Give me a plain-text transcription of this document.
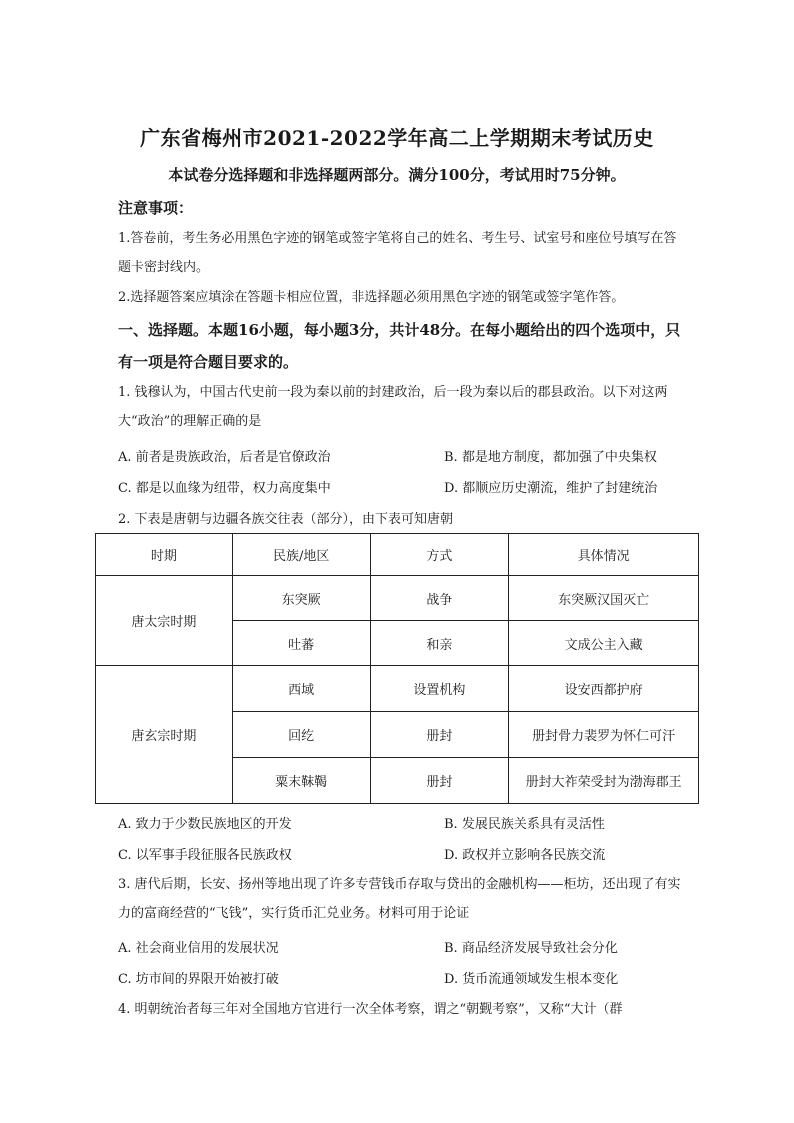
广东省梅州市2021-2022学年高二上学期期末考试历史
本试卷分选择题和非选择题两部分。满分100分，考试用时75分钟。
注意事项：
1.答卷前，考生务必用黑色字迹的钢笔或签字笔将自己的姓名、考生号、试室号和座位号填写在答题卡密封线内。
2.选择题答案应填涂在答题卡相应位置，非选择题必须用黑色字迹的钢笔或签字笔作答。
一、选择题。本题16小题，每小题3分，共计48分。在每小题给出的四个选项中，只有一项是符合题目要求的。
1. 钱穆认为，中国古代史前一段为秦以前的封建政治，后一段为秦以后的郡县政治。以下对这两大“政治”的理解正确的是
A. 前者是贵族政治，后者是官僚政治	B. 都是地方制度，都加强了中央集权
C. 都是以血缘为纽带，权力高度集中	D. 都顺应历史潮流，维护了封建统治
2. 下表是唐朝与边疆各族交往表（部分），由下表可知唐朝
时期	民族/地区	方式	具体情况
唐太宗时期	东突厥	战争	东突厥汉国灭亡
	吐蕃	和亲	文成公主入藏
唐玄宗时期	西域	设置机构	设安西都护府
	回纥	册封	册封骨力裴罗为怀仁可汗
	粟末靺鞨	册封	册封大祚荣受封为渤海郡王
A. 致力于少数民族地区的开发	B. 发展民族关系具有灵活性
C. 以军事手段征服各民族政权	D. 政权并立影响各民族交流
3. 唐代后期，长安、扬州等地出现了许多专营钱币存取与贷出的金融机构——柜坊，还出现了有实力的富商经营的“飞钱”，实行货币汇兑业务。材料可用于论证
A. 社会商业信用的发展状况	B. 商品经济发展导致社会分化
C. 坊市间的界限开始被打破	D. 货币流通领域发生根本变化
4. 明朝统治者每三年对全国地方官进行一次全体考察，谓之“朝觐考察”，又称“大计（群
